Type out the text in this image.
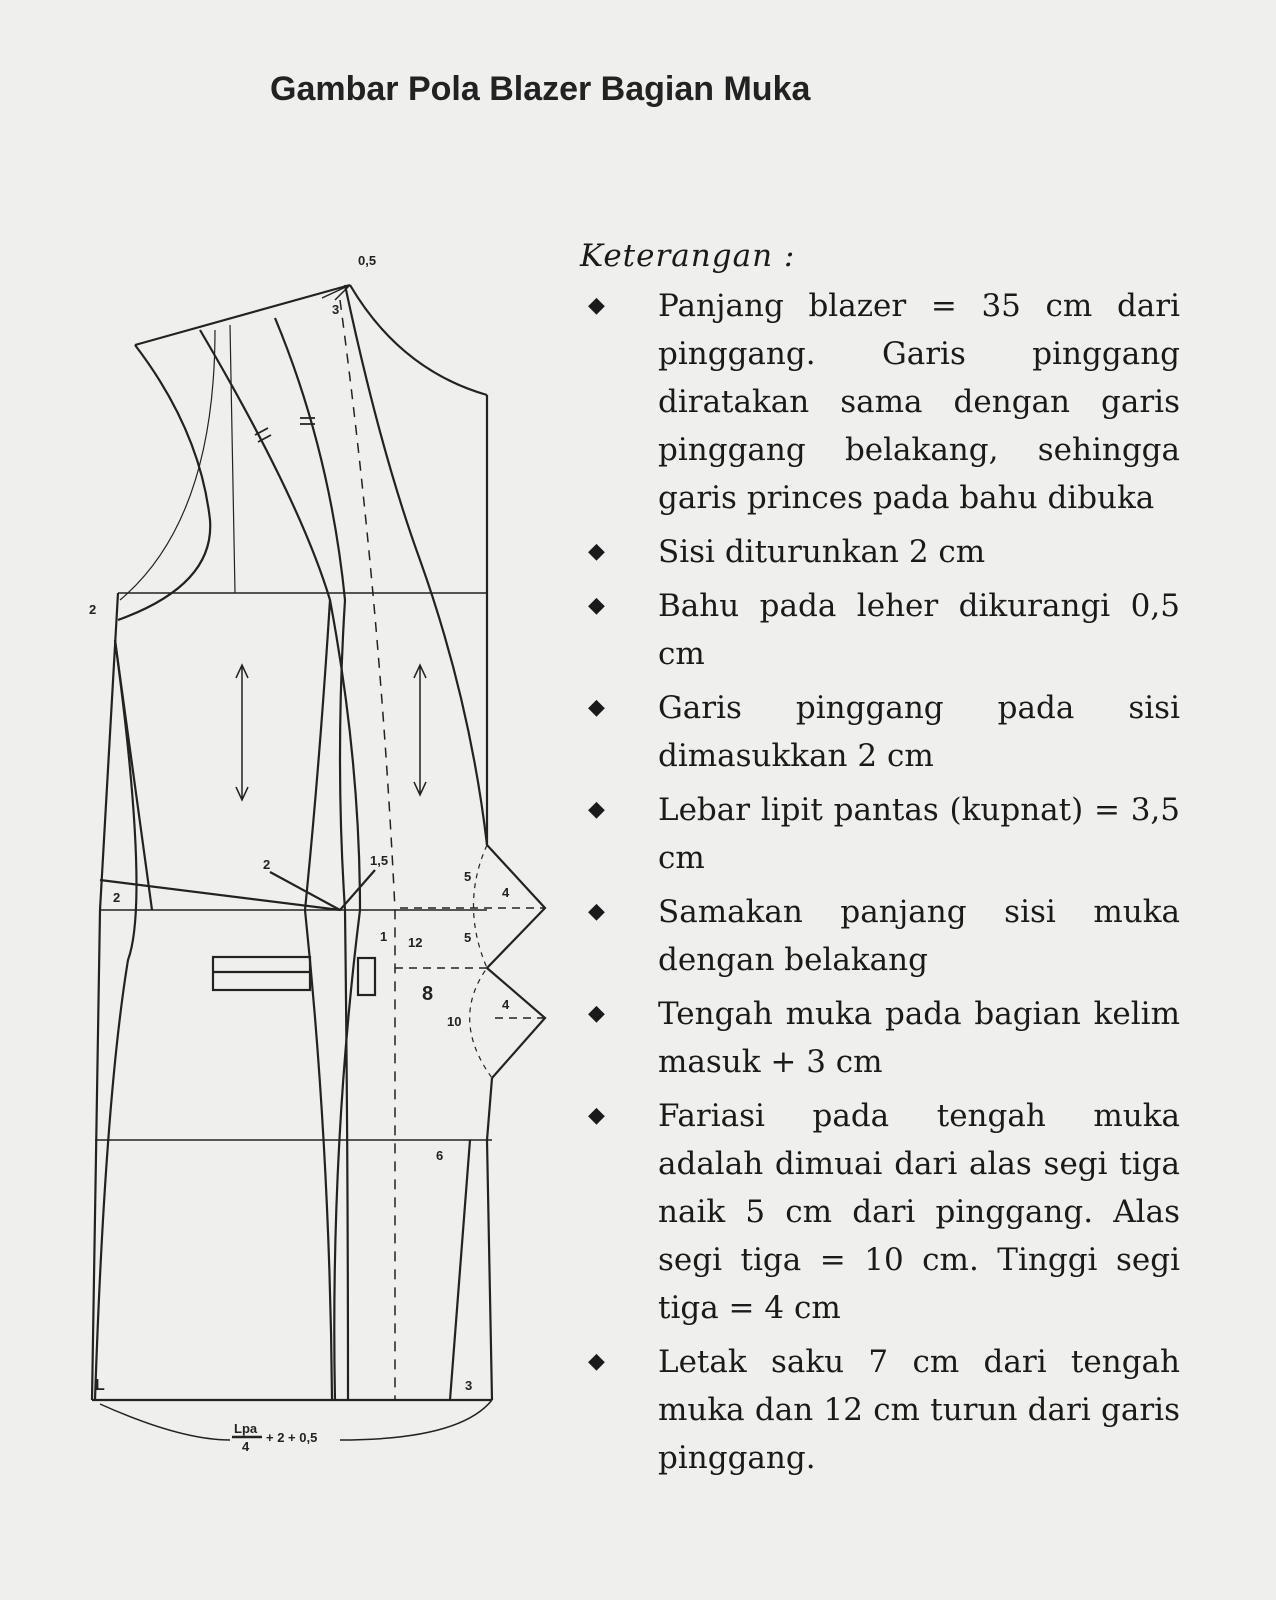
Gambar Pola Blazer Bagian Muka
0,5
3
2
2
2	1,5
5
4
12	5
1
8	4
10
6
L	3
Lpa
4
+ 2 + 0,5
Keterangan :
◆ Panjang blazer = 35 cm dari pinggang. Garis pinggang diratakan sama dengan garis pinggang belakang, sehingga garis princes pada bahu dibuka
◆ Sisi diturunkan 2 cm
◆ Bahu pada leher dikurangi 0,5 cm
◆ Garis pinggang pada sisi dimasukkan 2 cm
◆ Lebar lipit pantas (kupnat) = 3,5 cm
◆ Samakan panjang sisi muka dengan belakang
◆ Tengah muka pada bagian kelim masuk + 3 cm
◆ Fariasi pada tengah muka adalah dimuai dari alas segi tiga naik 5 cm dari pinggang. Alas segi tiga = 10 cm. Tinggi segi tiga = 4 cm
◆ Letak saku 7 cm dari tengah muka dan 12 cm turun dari garis pinggang.
